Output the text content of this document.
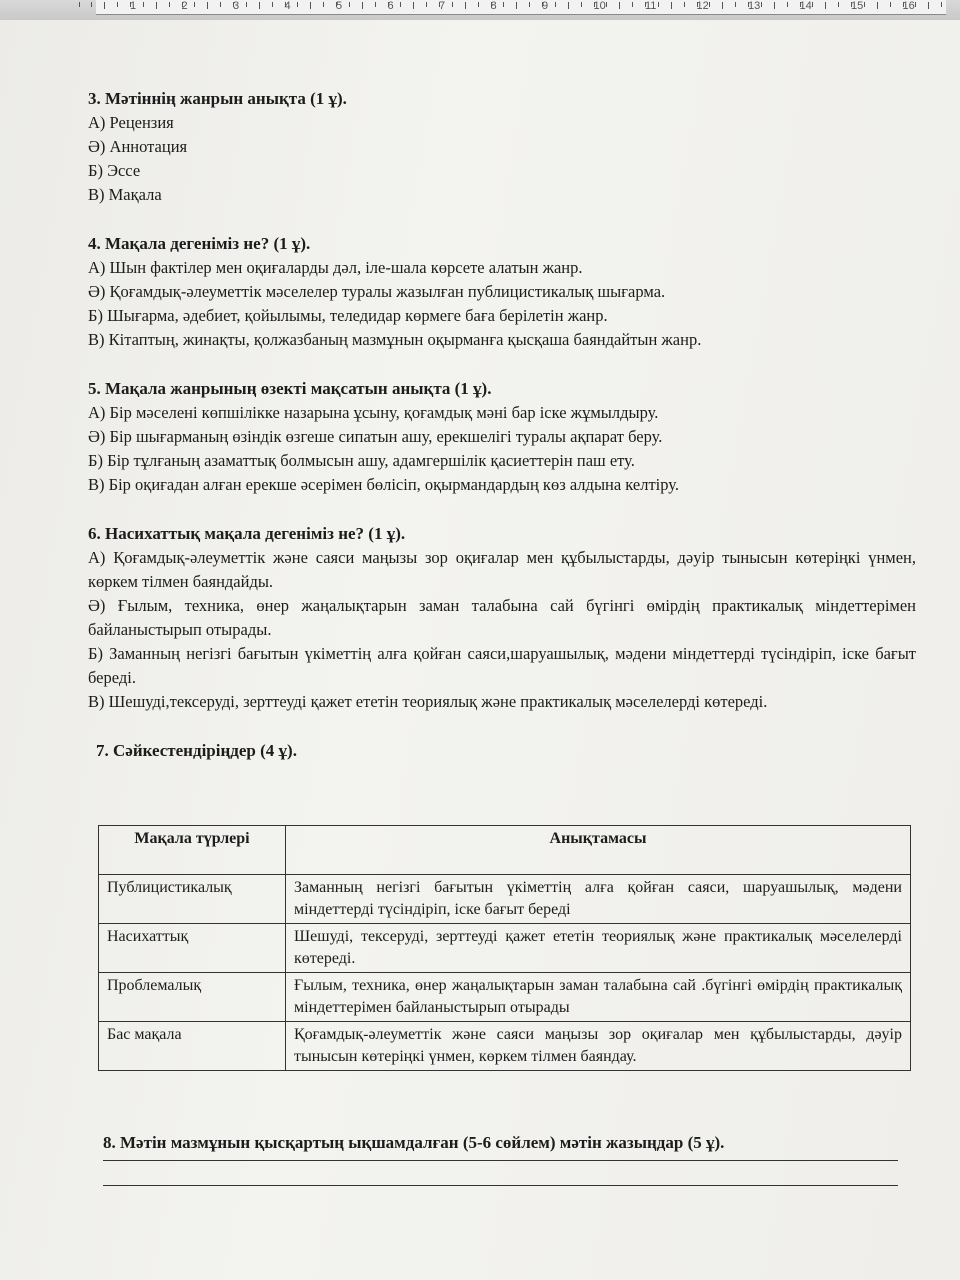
1	2	3	4	5	6	7	8	9	10	11	12	13	14	15	16
3. Мәтіннің жанрын анықта (1 ұ).
А) Рецензия
Ә) Аннотация
Б) Эссе
В) Мақала
4. Мақала дегеніміз не? (1 ұ).
А) Шын фактілер мен оқиғаларды дәл, іле-шала көрсете алатын жанр.
Ә) Қоғамдық-әлеуметтік мәселелер туралы жазылған публицистикалық шығарма.
Б) Шығарма, әдебиет, қойылымы, теледидар көрмеге баға берілетін жанр.
В) Кітаптың, жинақты, қолжазбаның мазмұнын оқырманға қысқаша баяндайтын жанр.
5. Мақала жанрының өзекті мақсатын анықта (1 ұ).
А) Бір мәселені көпшілікке назарына ұсыну, қоғамдық мәні бар іске жұмылдыру.
Ә) Бір шығарманың өзіндік өзгеше сипатын ашу, ерекшелігі туралы ақпарат беру.
Б) Бір тұлғаның азаматтық болмысын ашу, адамгершілік қасиеттерін паш ету.
В) Бір оқиғадан алған ерекше әсерімен бөлісіп, оқырмандардың көз алдына келтіру.
6. Насихаттық мақала дегеніміз не? (1 ұ).
А) Қоғамдық-әлеуметтік және саяси маңызы зор оқиғалар мен құбылыстарды, дәуір тынысын көтеріңкі үнмен, көркем тілмен баяндайды.
Ә) Ғылым, техника, өнер жаңалықтарын заман талабына сай бүгінгі өмірдің практикалық міндеттерімен байланыстырып отырады.
Б) Заманның негізгі бағытын үкіметтің алға қойған саяси,шаруашылық, мәдени міндеттерді түсіндіріп, іске бағыт береді.
В) Шешуді,тексеруді, зерттеуді қажет ететін теориялық және практикалық мәселелерді көтереді.
7. Сәйкестендіріңдер (4 ұ).
Мақала түрлері	Анықтамасы
Публицистикалық	Заманның негізгі бағытын үкіметтің алға қойған саяси, шаруашылық, мәдени міндеттерді түсіндіріп, іске бағыт береді
Насихаттық	Шешуді, тексеруді, зерттеуді қажет ететін теориялық және практикалық мәселелерді көтереді.
Проблемалық	Ғылым, техника, өнер жаңалықтарын заман талабына сай .бүгінгі өмірдің практикалық міндеттерімен байланыстырып отырады
Бас мақала	Қоғамдық-әлеуметтік және саяси маңызы зор оқиғалар мен құбылыстарды, дәуір тынысын көтеріңкі үнмен, көркем тілмен баяндау.
8. Мәтін мазмұнын қысқартың ықшамдалған (5-6 сөйлем) мәтін жазыңдар (5 ұ).
